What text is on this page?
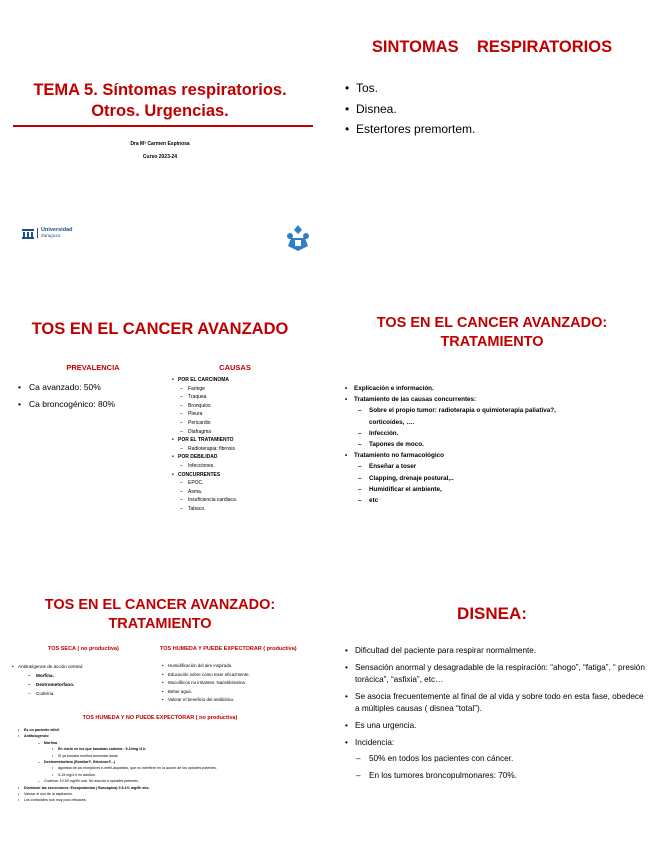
TEMA 5. Síntomas respiratorios.
Otros. Urgencias.
Dra Mª Carmen Espinosa
Curso 2023-24
Universidad
Zaragoza
SINTOMAS    RESPIRATORIOS
• Tos.
• Disnea.
• Estertores premortem.
TOS EN EL CANCER AVANZADO
PREVALENCIA
• Ca avanzado: 50%
• Ca broncogénico: 80%
CAUSAS
• POR EL CARCINOMA
– Faringe
– Traquea
– Bronquios
– Pleura
– Pericardio
– Diafragma
• POR EL TRATAMIENTO
– Radioterapia: fibrosis
• POR DEBILIDAD
– Infecciones.
• CONCURRENTES
– EPOC.
– Asma.
– Insuficiencia cardiaca.
– Tabaco.
TOS EN EL CANCER AVANZADO:
TRATAMIENTO
• Explicación e información.
• Tratamiento de las causas concurrentes:
– Sobre el propio tumor: radioterapia o quimioterapia paliativa?,
corticoides, ….
– Infección.
– Tapones de moco.
• Tratamiento no farmacológico
– Enseñar a toser
– Clapping, drenaje postural,..
– Humidificar el ambiente,
– etc
TOS EN EL CANCER AVANZADO:
TRATAMIENTO
TOS SECA ( no productiva)
• Antitusígenos de acción central:
– Morfina.
– Dextrometorfano.
– Codeína.
TOS HUMEDA Y PUEDE EXPECTORAR ( productiva)
• Humidificación del aire inspirado.
• Educación sobre como toser eficazmente.
• Mucolíticos no irritantes: Nacetilcisteina.
• Beber agua.
• Valorar el beneficio del antibiótico.
TOS HUMEDA Y NO PUEDE EXPECTORAR ( no productiva)
• Es un paciente débil.
• Antitusígenos:
– Morfina
• En inicio en los que tomaban codeína : 5-10mg /4 h.
• Si ya tomaba morfina aumentar dosis.
– Dextrometorfano (Romilar®, Bisolvon®...)
• agonista de los receptores n-metil-aspartato, que no interfiere en la acción de los opioides potentes.
• 5-15 mg/4 h en adultos.
– Codeína: 10-60 mg/6h oral. No asociar a opioides potentes.
• Disminuir las secreciones: Escopolamina ( Buscapina) 0.5-1% mg/6h sbc.
• Valorar el uso de la aspiración.
• Los corticoides son muy poco eficaces.
DISNEA:
• Dificultad del paciente para respirar normalmente.
• Sensación anormal y desagradable de la respiración: “ahogo”, “fatiga”, “ presión torácica”, “asfixia”, etc…
• Se asocia frecuentemente al final de al vida y sobre todo en esta fase, obedece a múltiples causas ( disnea “total”).
• Es una urgencia.
• Incidencia:
– 50% en todos los pacientes con cáncer.
– En los tumores broncopulmonares: 70%.
